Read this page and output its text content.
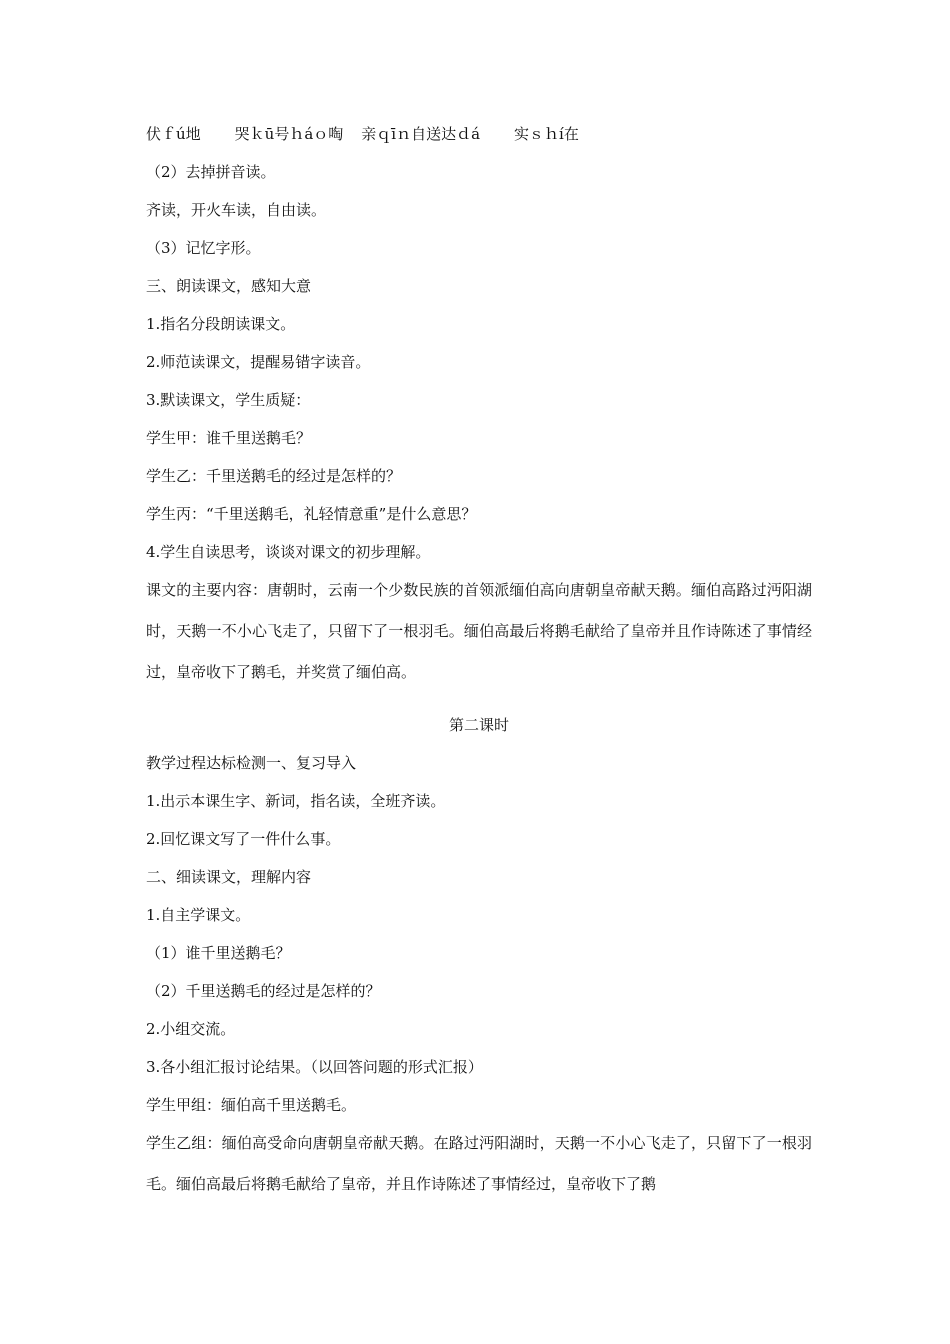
伏ｆú地 哭ｋū号ｈáｏ啕 亲ｑīｎ自送达ｄá 实ｓｈí在
（2）去掉拼音读。
齐读，开火车读，自由读。
（3）记忆字形。
三、朗读课文，感知大意
1.指名分段朗读课文。
2.师范读课文，提醒易错字读音。
3.默读课文，学生质疑：
学生甲：谁千里送鹅毛？
学生乙：千里送鹅毛的经过是怎样的？
学生丙：“千里送鹅毛，礼轻情意重”是什么意思？
4.学生自读思考，谈谈对课文的初步理解。

课文的主要内容：唐朝时，云南一个少数民族的首领派缅伯高向唐朝皇帝献天鹅。缅伯高路过沔阳湖时，天鹅一不小心飞走了，只留下了一根羽毛。缅伯高最后将鹅毛献给了皇帝并且作诗陈述了事情经过，皇帝收下了鹅毛，并奖赏了缅伯高。

第二课时
教学过程达标检测一、复习导入
1.出示本课生字、新词，指名读，全班齐读。
2.回忆课文写了一件什么事。
二、细读课文，理解内容
1.自主学课文。
（1）谁千里送鹅毛？
（2）千里送鹅毛的经过是怎样的？
2.小组交流。
3.各小组汇报讨论结果。（以回答问题的形式汇报）
学生甲组：缅伯高千里送鹅毛。

学生乙组：缅伯高受命向唐朝皇帝献天鹅。在路过沔阳湖时，天鹅一不小心飞走了，只留下了一根羽毛。缅伯高最后将鹅毛献给了皇帝，并且作诗陈述了事情经过，皇帝收下了鹅
